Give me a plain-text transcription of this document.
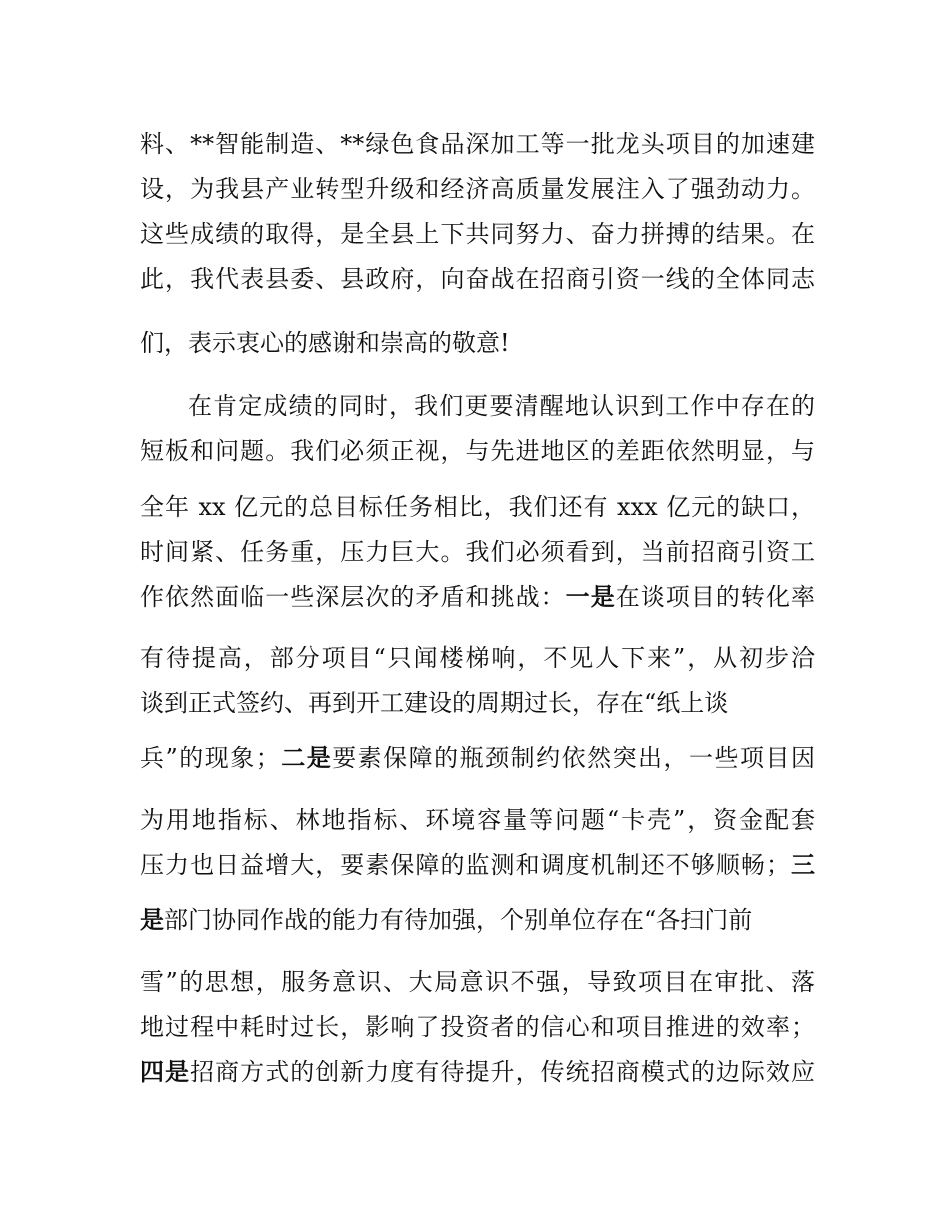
料、**智能制造、**绿色食品深加工等一批龙头项目的加速建
设，为我县产业转型升级和经济高质量发展注入了强劲动力。
这些成绩的取得，是全县上下共同努力、奋力拼搏的结果。在
此，我代表县委、县政府，向奋战在招商引资一线的全体同志
们，表示衷心的感谢和崇高的敬意!
在肯定成绩的同时，我们更要清醒地认识到工作中存在的
短板和问题。我们必须正视，与先进地区的差距依然明显，与
全年 xx 亿元的总目标任务相比，我们还有 xxx 亿元的缺口，
时间紧、任务重，压力巨大。我们必须看到，当前招商引资工
作依然面临一些深层次的矛盾和挑战：一是在谈项目的转化率
有待提高，部分项目“只闻楼梯响，不见人下来”，从初步洽
谈到正式签约、再到开工建设的周期过长，存在“纸上谈
兵”的现象；二是要素保障的瓶颈制约依然突出，一些项目因
为用地指标、林地指标、环境容量等问题“卡壳”，资金配套
压力也日益增大，要素保障的监测和调度机制还不够顺畅；三
是部门协同作战的能力有待加强，个别单位存在“各扫门前
雪”的思想，服务意识、大局意识不强，导致项目在审批、落
地过程中耗时过长，影响了投资者的信心和项目推进的效率；
四是招商方式的创新力度有待提升，传统招商模式的边际效应
